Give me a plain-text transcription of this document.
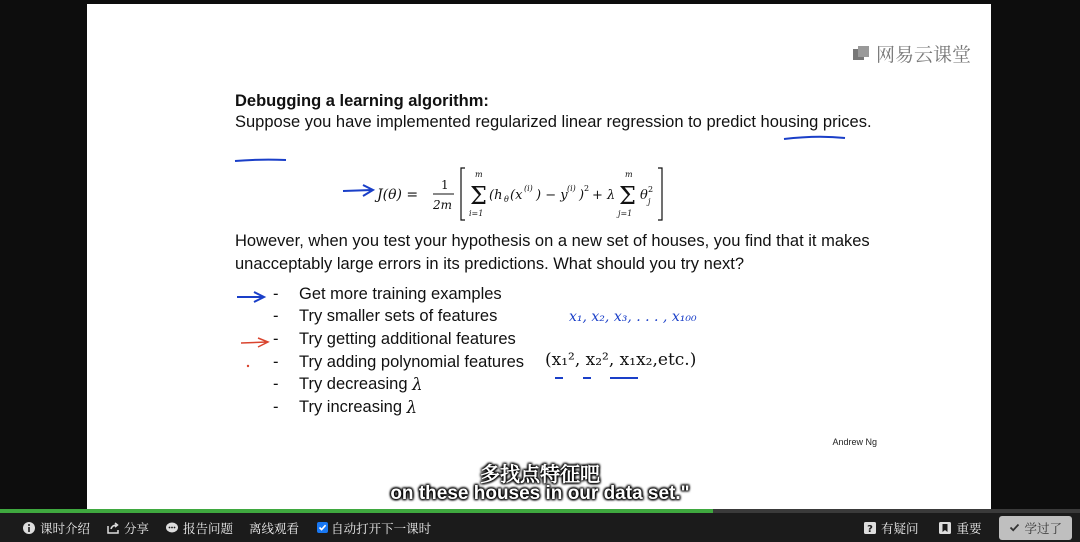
网易云课堂
Debugging a learning algorithm:
Suppose you have implemented regularized linear regression to predict housing prices.
J(θ) =
1
2m
m
Σ
i=1
(h θ (x (i) ) − y (i) ) 2 + λ
m
Σ
j=1
θ 2
j
However, when you test your hypothesis on a new set of houses, you find that it makes unacceptably large errors in its predictions. What should you try next?
-	Get more training examples
-	Try smaller sets of features
-	Try getting additional features
-	Try adding polynomial features
-	Try decreasing
λ
-	Try increasing
λ
(x₁², x₂², x₁x₂,etc.)
x₁, x₂, x₃, . . . , x₁₀₀
Andrew Ng
多找点特征吧
on these houses in our data set."
课时介绍	分享	报告问题 离线观看	自动打开下一课时	? 有疑问	重要	学过了
